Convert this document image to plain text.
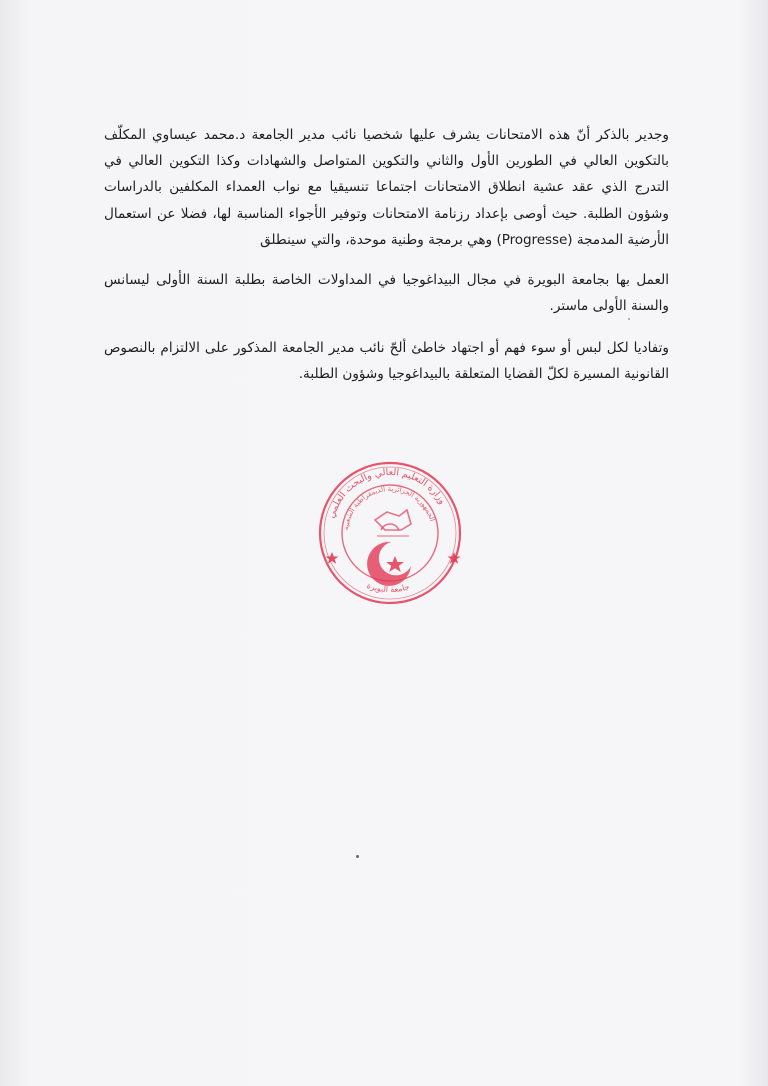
وجدير بالذكر أنّ هذه الامتحانات يشرف عليها شخصيا نائب مدير الجامعة د.محمد عيساوي المكلّف بالتكوين العالي في الطورين الأول والثاني والتكوين المتواصل والشهادات وكذا التكوين العالي في التدرج الذي عقد عشية انطلاق الامتحانات اجتماعا تنسيقيا مع نواب العمداء المكلفين بالدراسات وشؤون الطلبة. حيث أوصى بإعداد رزنامة الامتحانات وتوفير الأجواء المناسبة لها، فضلا عن استعمال الأرضية المدمجة (Progresse) وهي برمجة وطنية موحدة، والتي سينطلق

العمل بها بجامعة البويرة في مجال البيداغوجيا في المداولات الخاصة بطلبة السنة الأولى ليسانس والسنة الأولى ماستر.

وتفاديا لكل لبس أو سوء فهم أو اجتهاد خاطئ ألحّ نائب مدير الجامعة المذكور على الالتزام بالنصوص القانونية المسيرة لكلّ القضايا المتعلقة بالبيداغوجيا وشؤون الطلبة.

وزارة التعليم العالي والبحث العلمي
الجمهورية الجزائرية الديمقراطية الشعبية
جامعة البويرة
